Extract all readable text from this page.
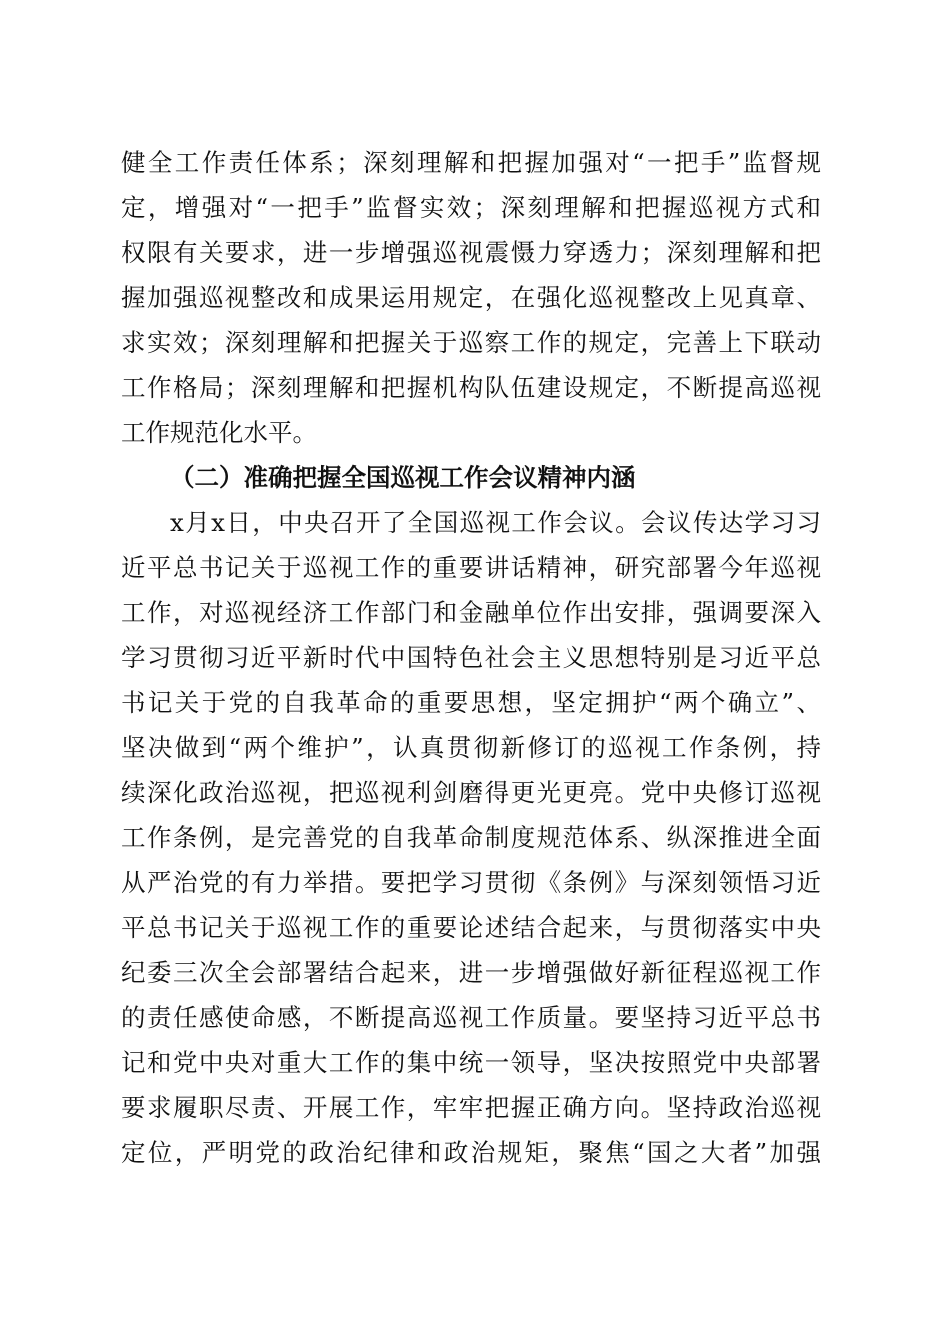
健全工作责任体系；深刻理解和把握加强对“一把手”监督规
定，增强对“一把手”监督实效；深刻理解和把握巡视方式和
权限有关要求，进一步增强巡视震慑力穿透力；深刻理解和把
握加强巡视整改和成果运用规定，在强化巡视整改上见真章、
求实效；深刻理解和把握关于巡察工作的规定，完善上下联动
工作格局；深刻理解和把握机构队伍建设规定，不断提高巡视
工作规范化水平。
（二）准确把握全国巡视工作会议精神内涵
x月x日，中央召开了全国巡视工作会议。会议传达学习习
近平总书记关于巡视工作的重要讲话精神，研究部署今年巡视
工作，对巡视经济工作部门和金融单位作出安排，强调要深入
学习贯彻习近平新时代中国特色社会主义思想特别是习近平总
书记关于党的自我革命的重要思想，坚定拥护“两个确立”、
坚决做到“两个维护”，认真贯彻新修订的巡视工作条例，持
续深化政治巡视，把巡视利剑磨得更光更亮。党中央修订巡视
工作条例，是完善党的自我革命制度规范体系、纵深推进全面
从严治党的有力举措。要把学习贯彻《条例》与深刻领悟习近
平总书记关于巡视工作的重要论述结合起来，与贯彻落实中央
纪委三次全会部署结合起来，进一步增强做好新征程巡视工作
的责任感使命感，不断提高巡视工作质量。要坚持习近平总书
记和党中央对重大工作的集中统一领导，坚决按照党中央部署
要求履职尽责、开展工作，牢牢把握正确方向。坚持政治巡视
定位，严明党的政治纪律和政治规矩，聚焦“国之大者”加强
